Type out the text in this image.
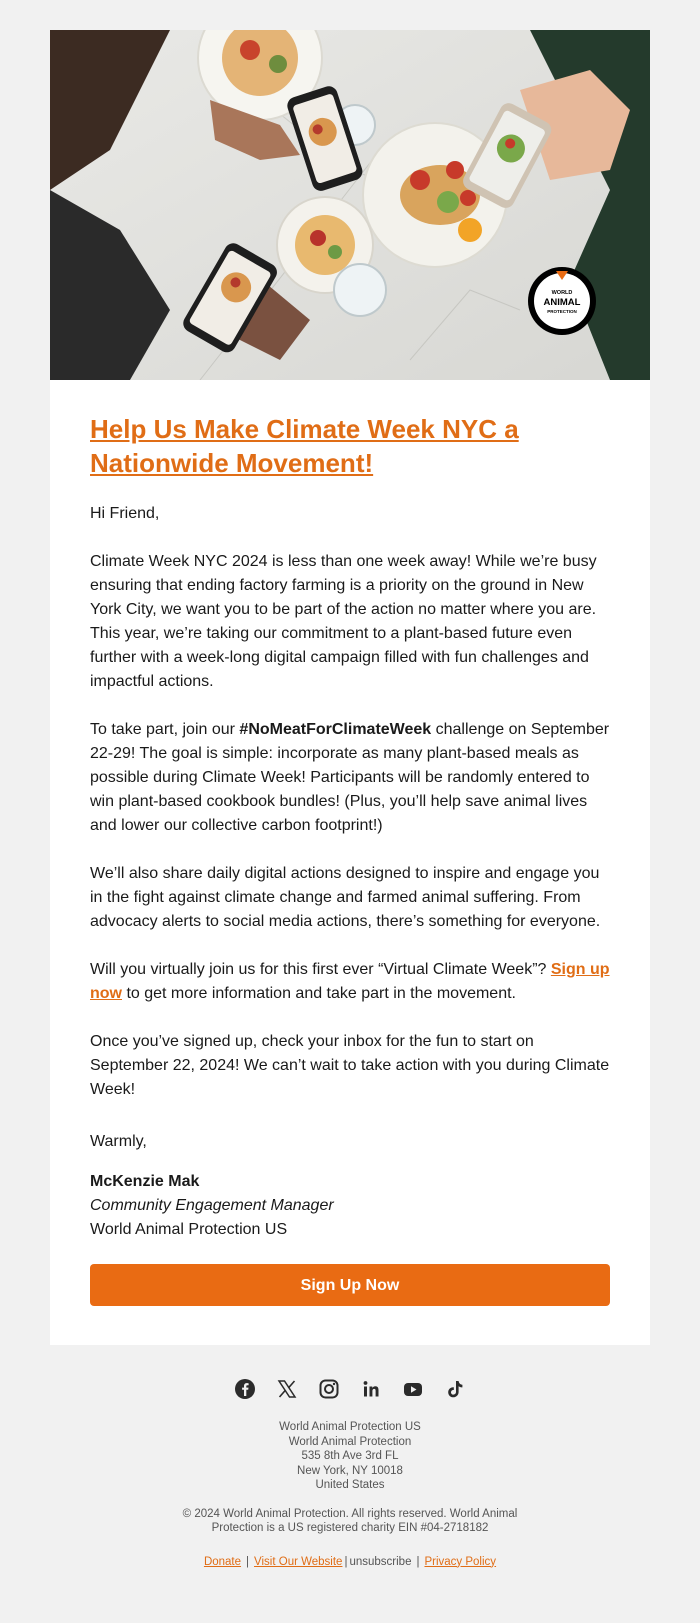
WORLD
ANIMAL
PROTECTION
Help Us Make Climate Week NYC a Nationwide Movement!

Hi Friend,

Climate Week NYC 2024 is less than one week away! While we’re busy ensuring that ending factory farming is a priority on the ground in New York City, we want you to be part of the action no matter where you are. This year, we’re taking our commitment to a plant-based future even further with a week-long digital campaign filled with fun challenges and impactful actions.

To take part, join our #NoMeatForClimateWeek challenge on September 22-29! The goal is simple: incorporate as many plant-based meals as possible during Climate Week! Participants will be randomly entered to win plant-based cookbook bundles! (Plus, you’ll help save animal lives and lower our collective carbon footprint!)

We’ll also share daily digital actions designed to inspire and engage you in the fight against climate change and farmed animal suffering. From advocacy alerts to social media actions, there’s something for everyone.

Will you virtually join us for this first ever “Virtual Climate Week”? Sign up now to get more information and take part in the movement.

Once you’ve signed up, check your inbox for the fun to start on September 22, 2024! We can’t wait to take action with you during Climate Week!

Warmly,

McKenzie Mak
Community Engagement Manager
World Animal Protection US
Sign Up Now
World Animal Protection US
World Animal Protection
535 8th Ave 3rd FL
New York, NY 10018
United States
© 2024 World Animal Protection. All rights reserved. World Animal Protection is a US registered charity EIN #04-2718182
Donate | Visit Our Website | unsubscribe | Privacy Policy
